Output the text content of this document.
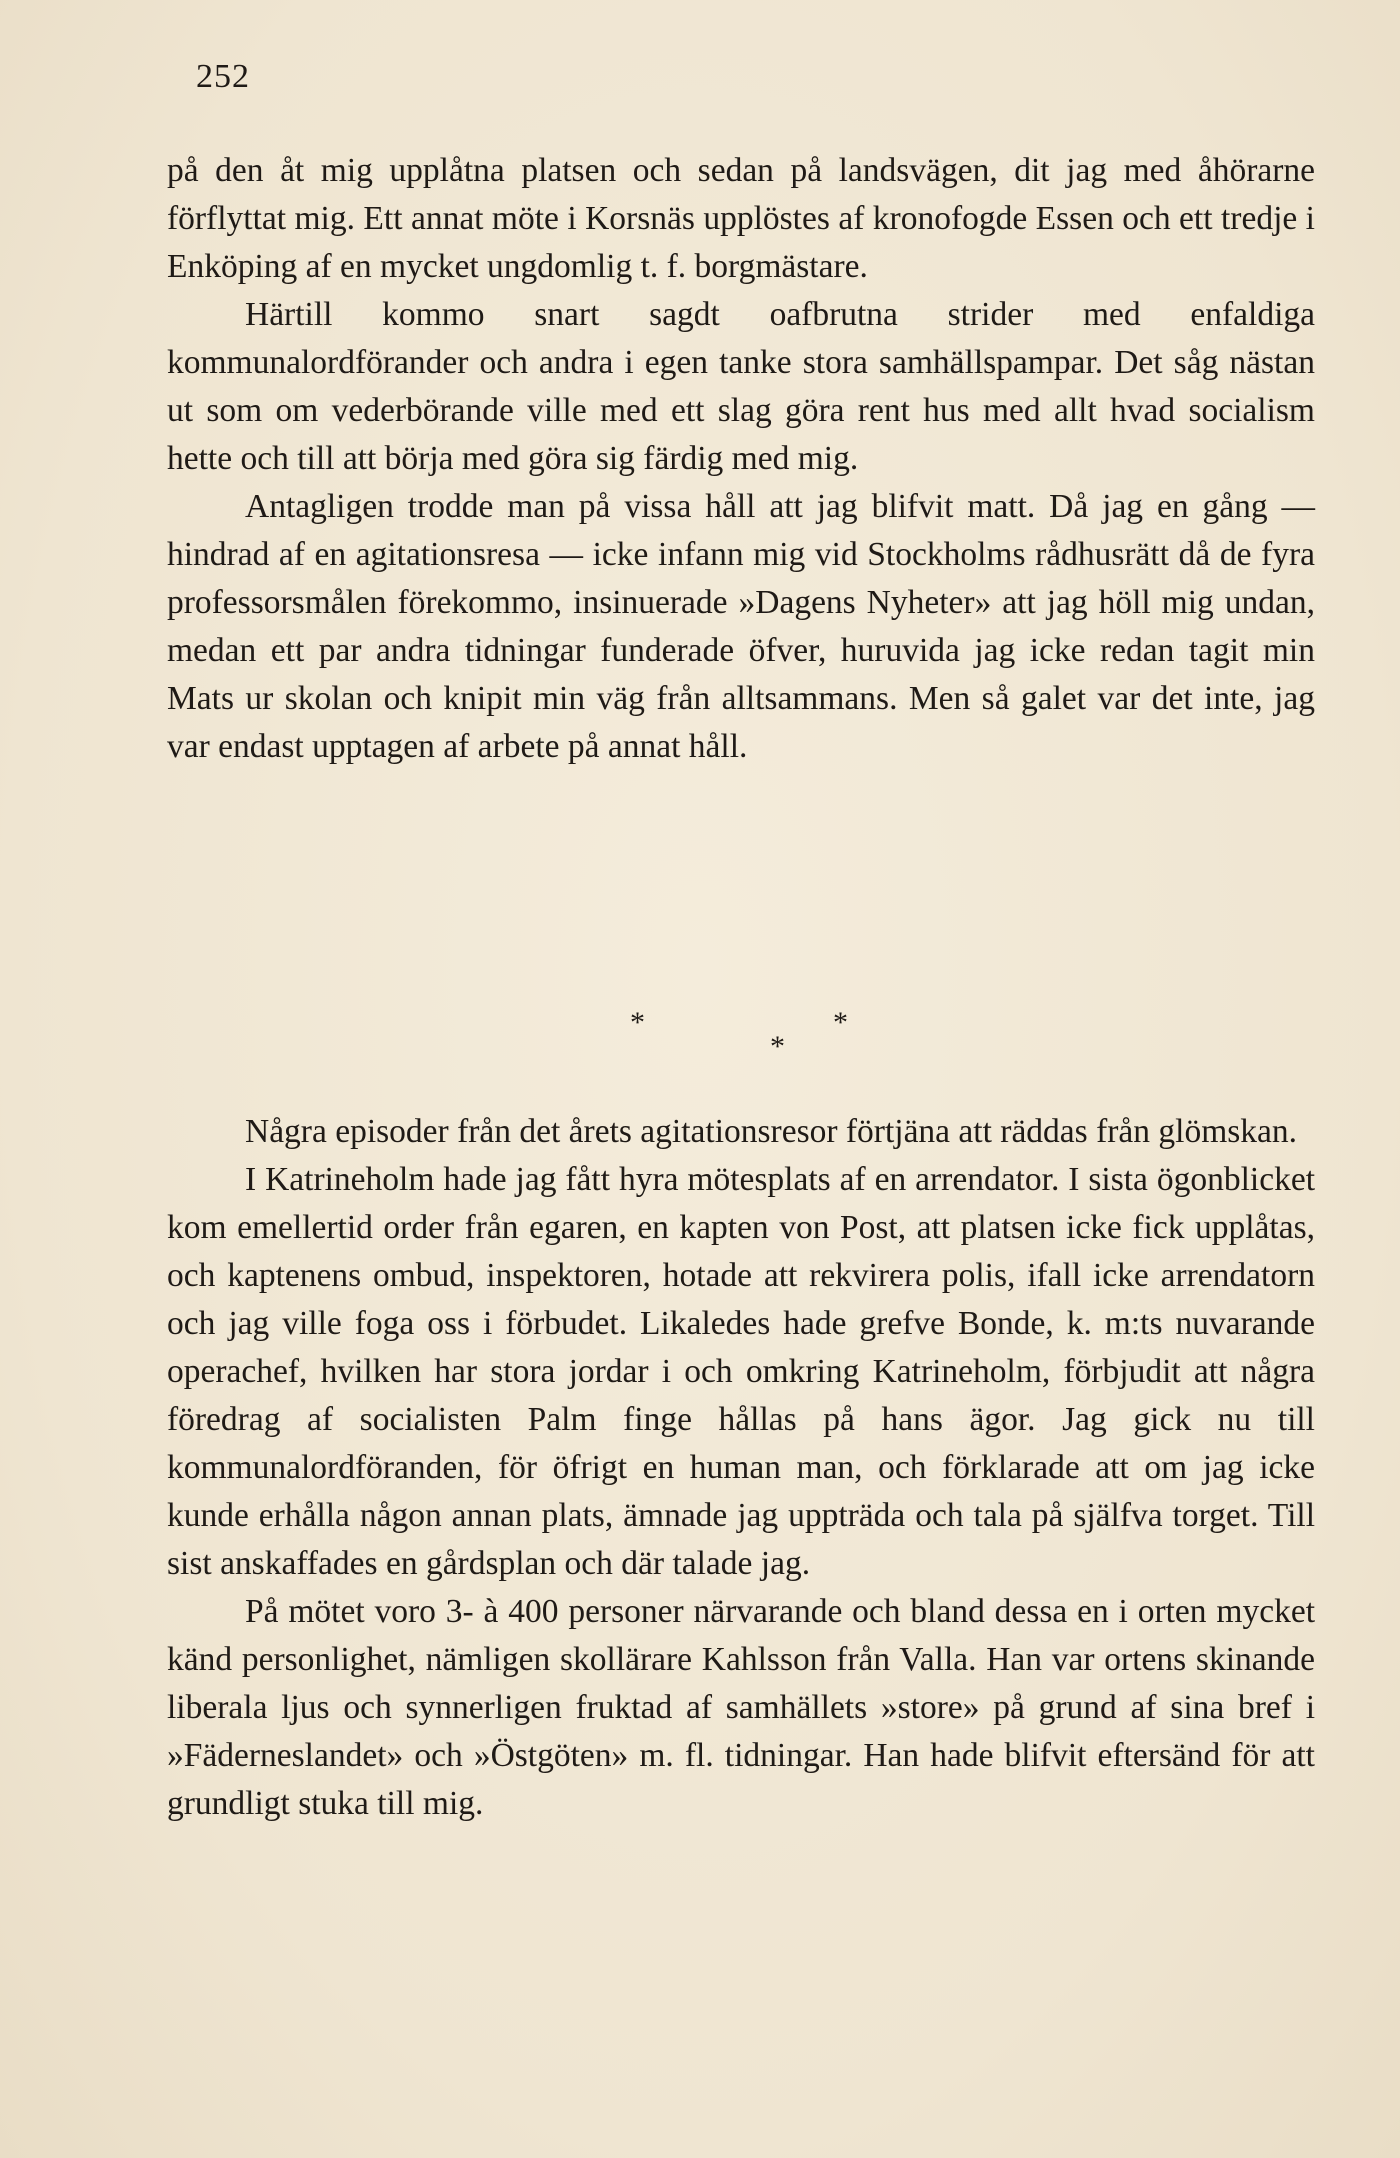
252

på den åt mig upplåtna platsen och sedan på landsvägen, dit jag med åhörarne förflyttat mig. Ett annat möte i Korsnäs upplöstes af kronofogde Essen och ett tredje i Enköping af en mycket ungdomlig t. f. borgmästare.

Härtill kommo snart sagdt oafbrutna strider med enfaldiga kommunalordförander och andra i egen tanke stora samhällspampar. Det såg nästan ut som om vederbörande ville med ett slag göra rent hus med allt hvad socialism hette och till att börja med göra sig färdig med mig.

Antagligen trodde man på vissa håll att jag blifvit matt. Då jag en gång — hindrad af en agitationsresa — icke infann mig vid Stockholms rådhusrätt då de fyra professorsmålen förekommo, insinuerade »Dagens Nyheter» att jag höll mig undan, medan ett par andra tidningar funderade öfver, huruvida jag icke redan tagit min Mats ur skolan och knipit min väg från alltsammans. Men så galet var det inte, jag var endast upptagen af arbete på annat håll.

*	*
*

Några episoder från det årets agitationsresor förtjäna att räddas från glömskan.

I Katrineholm hade jag fått hyra mötesplats af en arrendator. I sista ögonblicket kom emellertid order från egaren, en kapten von Post, att platsen icke fick upplåtas, och kaptenens ombud, inspektoren, hotade att rekvirera polis, ifall icke arrendatorn och jag ville foga oss i förbudet. Likaledes hade grefve Bonde, k. m:ts nuvarande operachef, hvilken har stora jordar i och omkring Katrineholm, förbjudit att några föredrag af socialisten Palm finge hållas på hans ägor. Jag gick nu till kommunalordföranden, för öfrigt en human man, och förklarade att om jag icke kunde erhålla någon annan plats, ämnade jag uppträda och tala på själfva torget. Till sist anskaffades en gårdsplan och där talade jag.

På mötet voro 3- à 400 personer närvarande och bland dessa en i orten mycket känd personlighet, nämligen skollärare Kahlsson från Valla. Han var ortens skinande liberala ljus och synnerligen fruktad af samhällets »store» på grund af sina bref i »Fäderneslandet» och »Östgöten» m. fl. tidningar. Han hade blifvit eftersänd för att grundligt stuka till mig.
